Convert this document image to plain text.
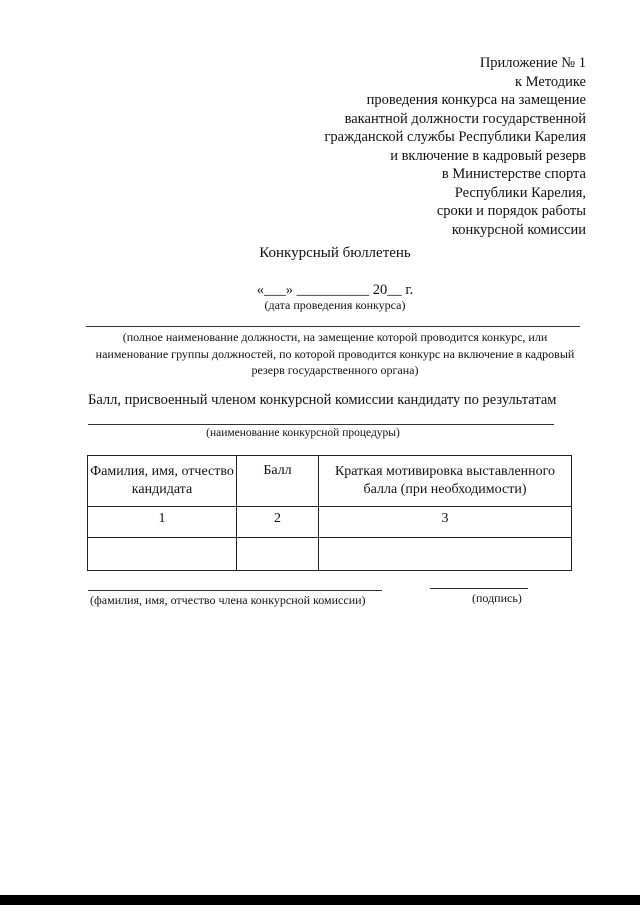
Приложение № 1
к Методике
проведения конкурса на замещение
вакантной должности государственной
гражданской службы Республики Карелия
и включение в кадровый резерв
в Министерстве спорта
Республики Карелия,
сроки и порядок работы
конкурсной комиссии
Конкурсный бюллетень
«___» __________ 20__ г.
(дата проведения конкурса)
(полное наименование должности, на замещение которой проводится конкурс, или наименование группы должностей, по которой проводится конкурс на включение в кадровый резерв государственного органа)
Балл, присвоенный членом конкурсной комиссии кандидату по результатам
(наименование конкурсной процедуры)
Фамилия, имя, отчество кандидата	Балл	Краткая мотивировка выставленного балла (при необходимости)
1	2	3

(фамилия, имя, отчество члена конкурсной комиссии)	(подпись)
